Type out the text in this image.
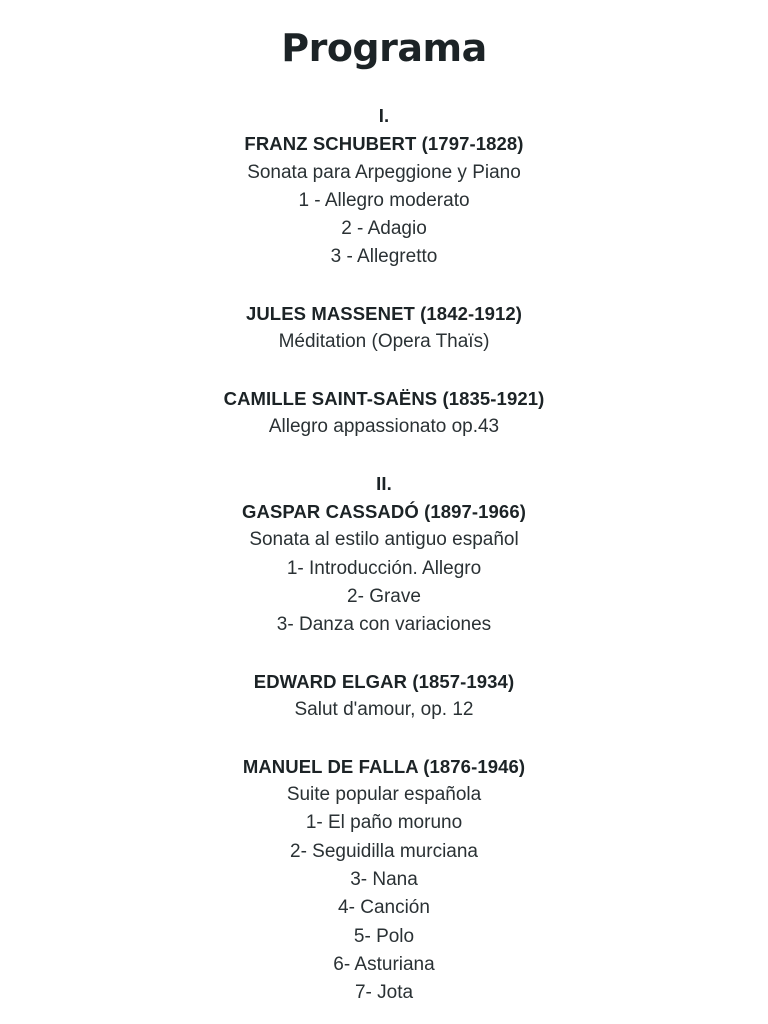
Programa
I.
FRANZ SCHUBERT (1797-1828)
Sonata para Arpeggione y Piano
1 - Allegro moderato
2 - Adagio
3 - Allegretto
JULES MASSENET (1842-1912)
Méditation (Opera Thaïs)
CAMILLE SAINT-SAËNS (1835-1921)
Allegro appassionato op.43
II.
GASPAR CASSADÓ (1897-1966)
Sonata al estilo antiguo español
1- Introducción. Allegro
2- Grave
3- Danza con variaciones
EDWARD ELGAR (1857-1934)
Salut d'amour, op. 12
MANUEL DE FALLA (1876-1946)
Suite popular española
1- El paño moruno
2- Seguidilla murciana
3- Nana
4- Canción
5- Polo
6- Asturiana
7- Jota
